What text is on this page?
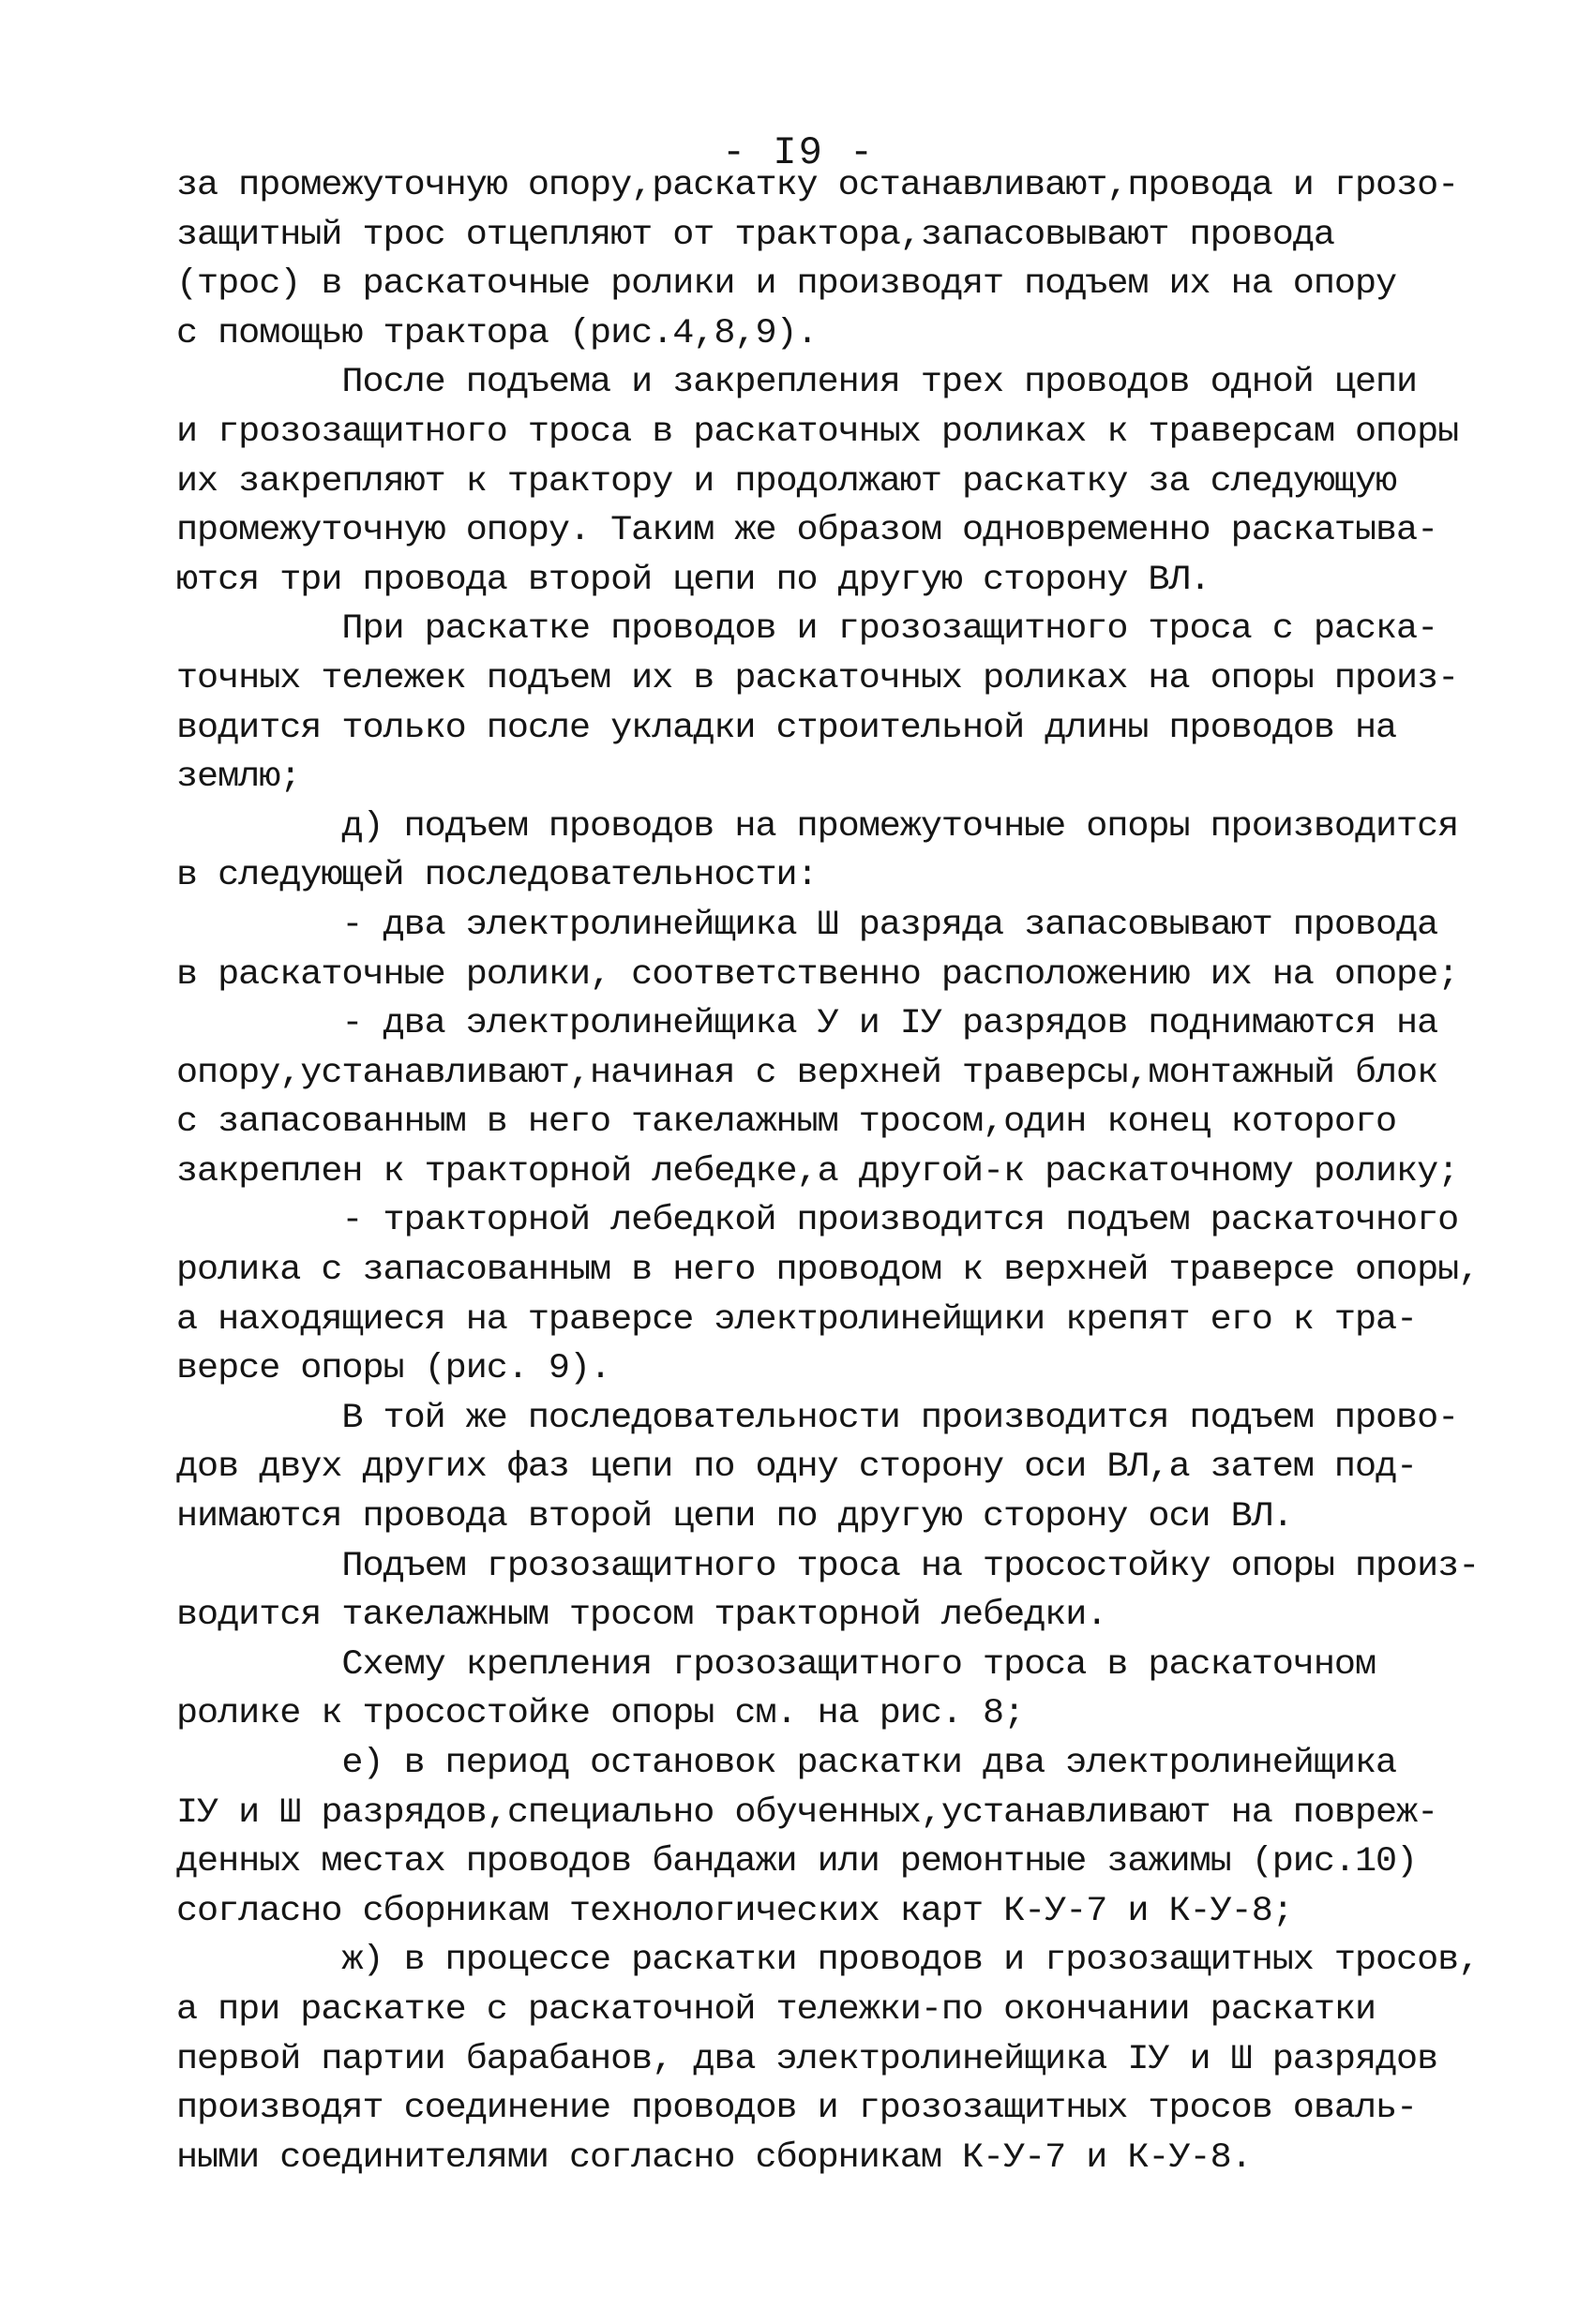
- I9 -
за промежуточную опору,раскатку останавливают,провода и грозо-
защитный трос отцепляют от трактора,запасовывают провода
(трос) в раскаточные ролики и производят подъем их на опору
с помощью трактора (рис.4,8,9).
После подъема и закрепления трех проводов одной цепи
и грозозащитного троса в раскаточных роликах к траверсам опоры
их закрепляют к трактору и продолжают раскатку за следующую
промежуточную опору. Таким же образом одновременно раскатыва-
ются три провода второй цепи по другую сторону ВЛ.
При раскатке проводов и грозозащитного троса с раска-
точных тележек подъем их в раскаточных роликах на опоры произ-
водится только после укладки строительной длины проводов на
землю;
д) подъем проводов на промежуточные опоры производится
в следующей последовательности:
- два электролинейщика Ш разряда запасовывают провода
в раскаточные ролики, соответственно расположению их на опоре;
- два электролинейщика У и IУ разрядов поднимаются на
опору,устанавливают,начиная с верхней траверсы,монтажный блок
с запасованным в него такелажным тросом,один конец которого
закреплен к тракторной лебедке,а другой-к раскаточному ролику;
- тракторной лебедкой производится подъем раскаточного
ролика с запасованным в него проводом к верхней траверсе опоры,
а находящиеся на траверсе электролинейщики крепят его к тра-
версе опоры (рис. 9).
В той же последовательности производится подъем прово-
дов двух других фаз цепи по одну сторону оси ВЛ,а затем под-
нимаются провода второй цепи по другую сторону оси ВЛ.
Подъем грозозащитного троса на тросостойку опоры произ-
водится такелажным тросом тракторной лебедки.
Схему крепления грозозащитного троса в раскаточном
ролике к тросостойке опоры см. на рис. 8;
е) в период остановок раскатки два электролинейщика
IУ и Ш разрядов,специально обученных,устанавливают на повреж-
денных местах проводов бандажи или ремонтные зажимы (рис.10)
согласно сборникам технологических карт К-У-7 и К-У-8;
ж) в процессе раскатки проводов и грозозащитных тросов,
а при раскатке с раскаточной тележки-по окончании раскатки
первой партии барабанов, два электролинейщика IУ и Ш разрядов
производят соединение проводов и грозозащитных тросов оваль-
ными соединителями согласно сборникам К-У-7 и К-У-8.
